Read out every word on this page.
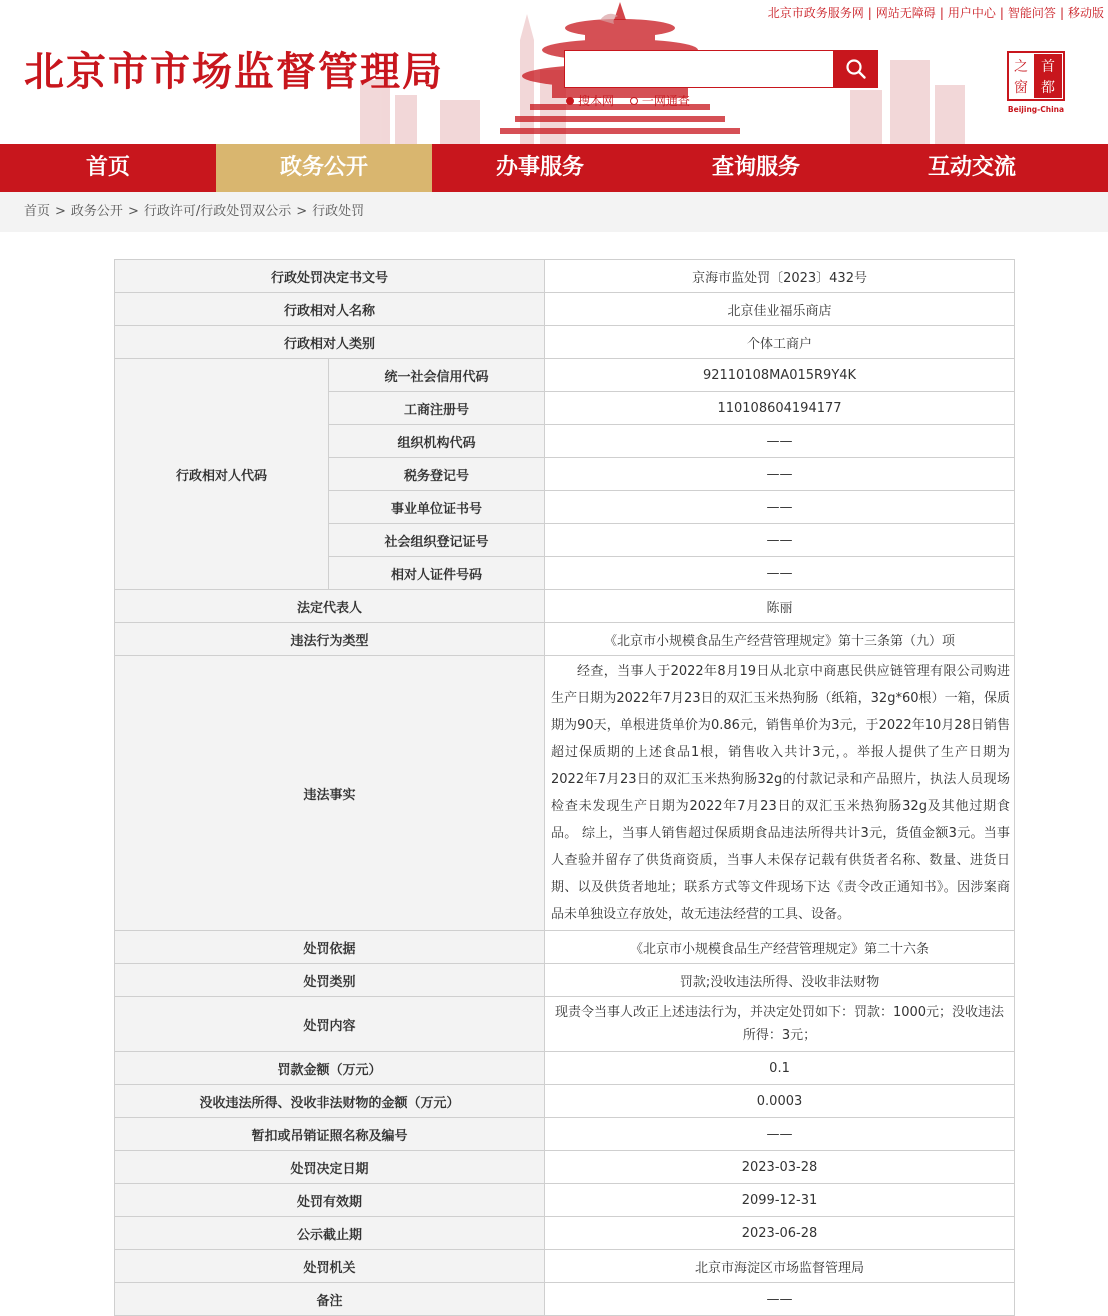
北京市市场监督管理局
北京市政务服务网 | 网站无障碍 | 用户中心 | 智能问答 | 移动版
搜本网
一网通查
之 首
窗 都
Beijing-China
首页	政务公开	办事服务	查询服务	互动交流
首页 > 政务公开 > 行政许可/行政处罚双公示 > 行政处罚
行政处罚决定书文号		京海市监处罚〔2023〕432号
行政相对人名称		北京佳业福乐商店
行政相对人类别		个体工商户
行政相对人代码	统一社会信用代码	92110108MA015R9Y4K
	工商注册号	110108604194177
	组织机构代码	——
	税务登记号	——
	事业单位证书号	——
	社会组织登记证号	——
	相对人证件号码	——
法定代表人		陈丽
违法行为类型		《北京市小规模食品生产经营管理规定》第十三条第（九）项
违法事实		经查，当事人于2022年8月19日从北京中商惠民供应链管理有限公司购进生产日期为2022年7月23日的双汇玉米热狗肠（纸箱，32g*60根）一箱，保质期为90天，单根进货单价为0.86元，销售单价为3元，于2022年10月28日销售超过保质期的上述食品1根，销售收入共计3元，。举报人提供了生产日期为2022年7月23日的双汇玉米热狗肠32g的付款记录和产品照片，执法人员现场检查未发现生产日期为2022年7月23日的双汇玉米热狗肠32g及其他过期食品。 综上，当事人销售超过保质期食品违法所得共计3元，货值金额3元。当事人查验并留存了供货商资质，当事人未保存记载有供货者名称、数量、进货日期、以及供货者地址；联系方式等文件现场下达《责令改正通知书》。因涉案商品未单独设立存放处，故无违法经营的工具、设备。
处罚依据		《北京市小规模食品生产经营管理规定》第二十六条
处罚类别		罚款;没收违法所得、没收非法财物
处罚内容		现责令当事人改正上述违法行为，并决定处罚如下：罚款：1000元；没收违法所得：3元；
罚款金额（万元）		0.1
没收违法所得、没收非法财物的金额（万元）		0.0003
暂扣或吊销证照名称及编号		——
处罚决定日期		2023-03-28
处罚有效期		2099-12-31
公示截止期		2023-06-28
处罚机关		北京市海淀区市场监督管理局
备注		——
